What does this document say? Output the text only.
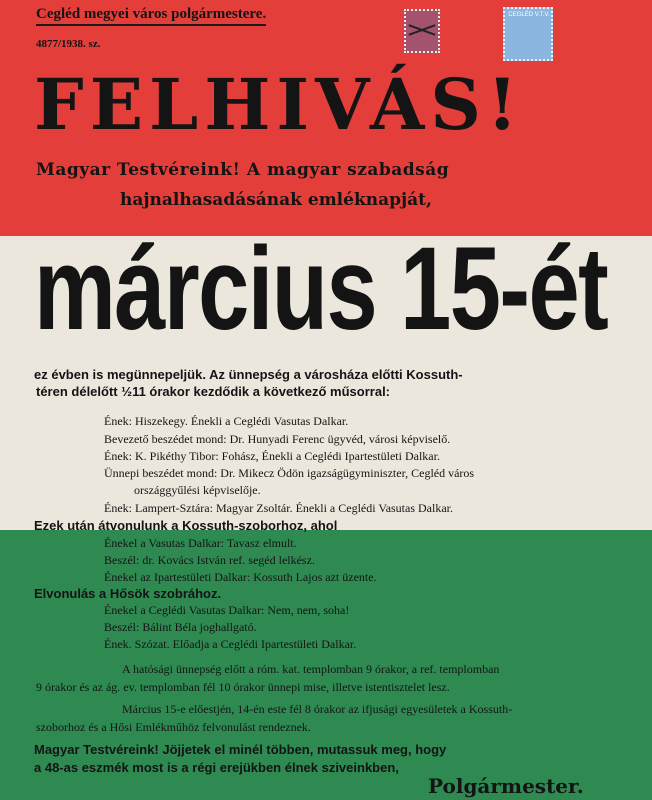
Cegléd megyei város polgármestere.
4877/1938. sz.
CEGLÉD V.T.V.
FELHIVÁS!
Magyar Testvéreink! A magyar szabadság
hajnalhasadásának emléknapját,
március 15-ét
ez évben is megünnepeljük. Az ünnepség a városháza előtti Kossuth-
téren délelőtt ½11 órakor kezdődik a következő műsorral:
Ének: Hiszekegy. Énekli a Ceglédi Vasutas Dalkar.
Bevezető beszédet mond: Dr. Hunyadi Ferenc ügyvéd, városi képviselő.
Ének: K. Pikéthy Tibor: Fohász, Énekli a Ceglédi Ipartestületi Dalkar.
Ünnepi beszédet mond: Dr. Mikecz Ödön igazságügyminiszter, Cegléd város
országgyűlési képviselője.
Ének: Lampert-Sztára: Magyar Zsoltár. Énekli a Ceglédi Vasutas Dalkar.
Ezek után átvonulunk a Kossuth-szoborhoz, ahol
Énekel a Vasutas Dalkar: Tavasz elmult.
Beszél: dr. Kovács István ref. segéd lelkész.
Énekel az Ipartestületi Dalkar: Kossuth Lajos azt üzente.
Elvonulás a Hősök szobrához.
Énekel a Ceglédi Vasutas Dalkar: Nem, nem, soha!
Beszél: Bálint Béla joghallgató.
Ének. Szózat. Előadja a Ceglédi Ipartestületi Dalkar.
A hatósági ünnepség előtt a róm. kat. templomban 9 órakor, a ref. templomban
9 órakor és az ág. ev. templomban fél 10 órakor ünnepi mise, illetve istentisztelet lesz.
Március 15-e előestjén, 14-én este fél 8 órakor az ifjusági egyesületek a Kossuth-
szoborhoz és a Hősi Emlékműhöz felvonulást rendeznek.
Magyar Testvéreink! Jöjjetek el minél többen, mutassuk meg, hogy
a 48-as eszmék most is a régi erejükben élnek sziveinkben,
Polgármester.
